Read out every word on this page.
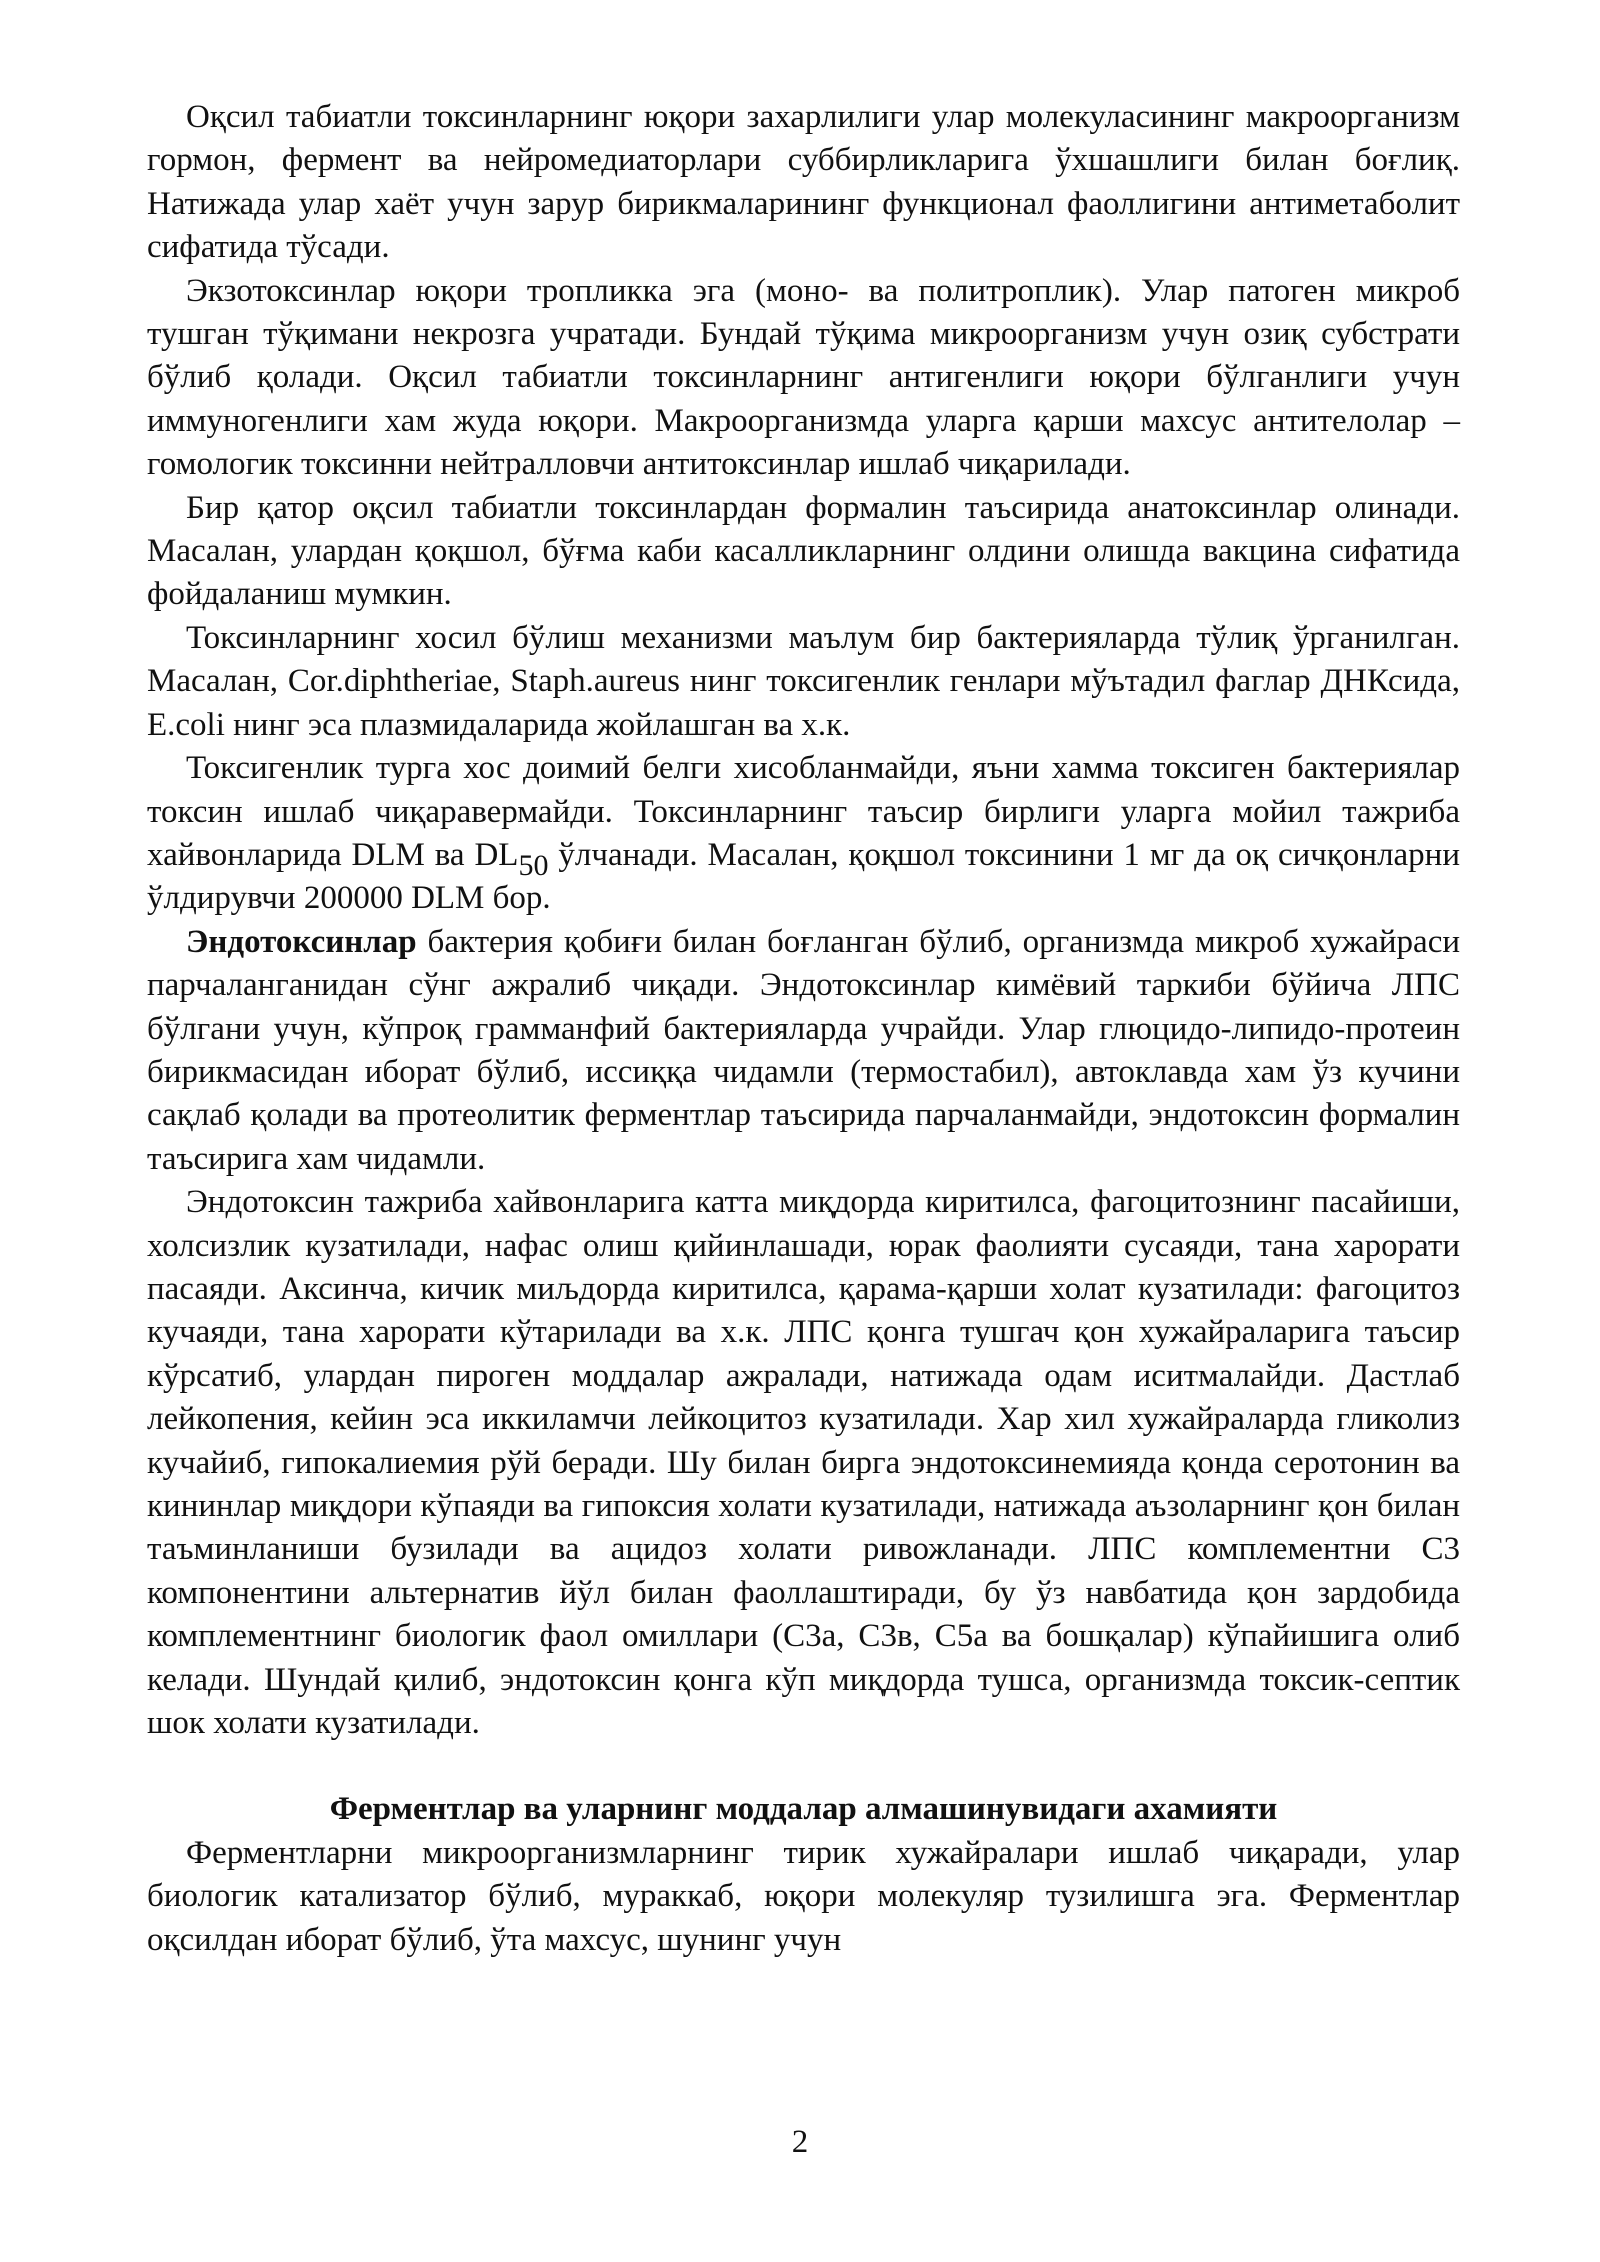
Оқсил табиатли токсинларнинг юқори захарлилиги улар молекуласининг макроорганизм гормон, фермент ва нейромедиаторлари суббирликларига ўхшашлиги билан боғлиқ. Натижада улар хаёт учун зарур бирикмаларининг функционал фаоллигини антиметаболит сифатида тўсади.

Экзотоксинлар юқори тропликка эга (моно- ва политроплик). Улар патоген микроб тушган тўқимани некрозга учратади. Бундай тўқима микроорганизм учун озиқ субстрати бўлиб қолади. Оқсил табиатли токсинларнинг антигенлиги юқори бўлганлиги учун иммуногенлиги хам жуда юқори. Макроорганизмда уларга қарши махсус антителолар – гомологик токсинни нейтралловчи антитоксинлар ишлаб чиқарилади.

Бир қатор оқсил табиатли токсинлардан формалин таъсирида анатоксинлар олинади. Масалан, улардан қоқшол, бўғма каби касалликларнинг олдини олишда вакцина сифатида фойдаланиш мумкин.

Токсинларнинг хосил бўлиш механизми маълум бир бактерияларда тўлиқ ўрганилган. Масалан, Cor.diphtheriae, Staph.aureus нинг токсигенлик генлари мўътадил фаглар ДНКсида, E.coli нинг эса плазмидаларида жойлашган ва х.к.

Токсигенлик турга хос доимий белги хисобланмайди, яъни хамма токсиген бактериялар токсин ишлаб чиқаравермайди. Токсинларнинг таъсир бирлиги уларга мойил тажриба хайвонларида DLM ва $DL_{50}$ ўлчанади. Масалан, қоқшол токсинини 1 мг да оқ сичқонларни ўлдирувчи 200000 DLM бор.

Эндотоксинлар бактерия қобиғи билан боғланган бўлиб, организмда микроб хужайраси парчаланганидан сўнг ажралиб чиқади. Эндотоксинлар кимёвий таркиби бўйича ЛПС бўлгани учун, кўпроқ грамманфий бактерияларда учрайди. Улар глюцидо-липидо-протеин бирикмасидан иборат бўлиб, иссиққа чидамли (термостабил), автоклавда хам ўз кучини сақлаб қолади ва протеолитик ферментлар таъсирида парчаланмайди, эндотоксин формалин таъсирига хам чидамли.

Эндотоксин тажриба хайвонларига катта миқдорда киритилса, фагоцитознинг пасайиши, холсизлик кузатилади, нафас олиш қийинлашади, юрак фаолияти сусаяди, тана харорати пасаяди. Аксинча, кичик миљдорда киритилса, қарама-қарши холат кузатилади: фагоцитоз кучаяди, тана харорати кўтарилади ва х.к. ЛПС қонга тушгач қон хужайраларига таъсир кўрсатиб, улардан пироген моддалар ажралади, натижада одам иситмалайди. Дастлаб лейкопения, кейин эса иккиламчи лейкоцитоз кузатилади. Хар хил хужайраларда гликолиз кучайиб, гипокалиемия рўй беради. Шу билан бирга эндотоксинемияда қонда серотонин ва кининлар миқдори кўпаяди ва гипоксия холати кузатилади, натижада аъзоларнинг қон билан таъминланиши бузилади ва ацидоз холати ривожланади. ЛПС комплементни С3 компонентини альтернатив йўл билан фаоллаштиради, бу ўз навбатида қон зардобида комплементнинг биологик фаол омиллари (С3а, С3в, С5а ва бошқалар) кўпайишига олиб келади. Шундай қилиб, эндотоксин қонга кўп миқдорда тушса, организмда токсик-септик шок холати кузатилади.

Ферментлар ва уларнинг моддалар алмашинувидаги ахамияти

Ферментларни микроорганизмларнинг тирик хужайралари ишлаб чиқаради, улар биологик катализатор бўлиб, мураккаб, юқори молекуляр тузилишга эга. Ферментлар оқсилдан иборат бўлиб, ўта махсус, шунинг учун

2
